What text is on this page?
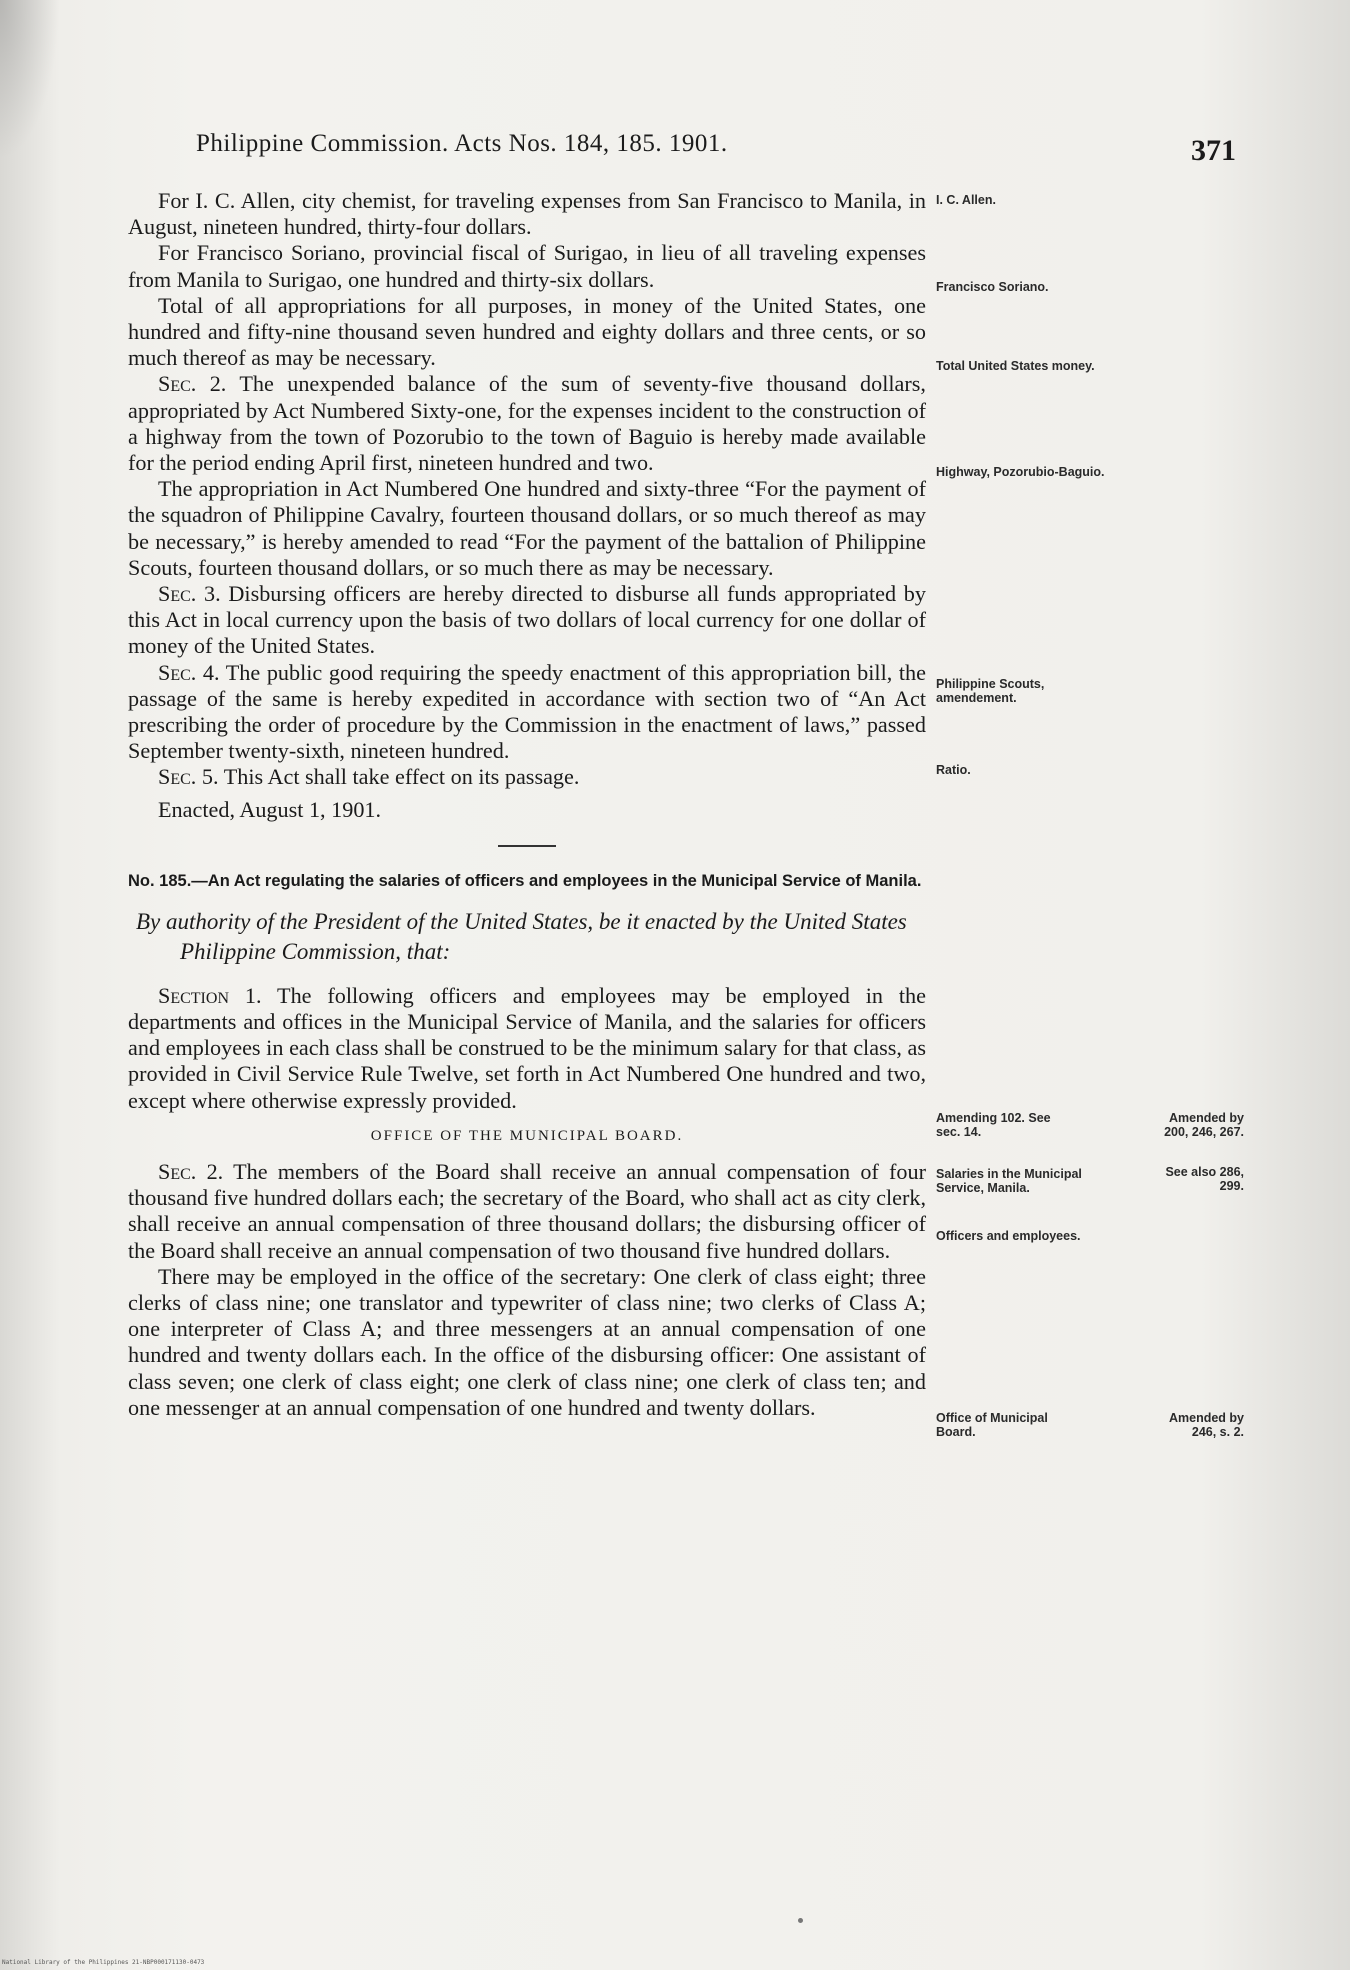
Philippine Commission. Acts Nos. 184, 185. 1901.	371

For I. C. Allen, city chemist, for traveling expenses from San Francisco to Manila, in August, nineteen hundred, thirty-four dollars.

For Francisco Soriano, provincial fiscal of Surigao, in lieu of all traveling expenses from Manila to Surigao, one hundred and thirty-six dollars.

Total of all appropriations for all purposes, in money of the United States, one hundred and fifty-nine thousand seven hundred and eighty dollars and three cents, or so much thereof as may be necessary.

Sec. 2. The unexpended balance of the sum of seventy-five thousand dollars, appropriated by Act Numbered Sixty-one, for the expenses incident to the construction of a highway from the town of Pozorubio to the town of Baguio is hereby made available for the period ending April first, nineteen hundred and two.

The appropriation in Act Numbered One hundred and sixty-three “For the payment of the squadron of Philippine Cavalry, fourteen thousand dollars, or so much thereof as may be necessary,” is hereby amended to read “For the payment of the battalion of Philippine Scouts, fourteen thousand dollars, or so much there as may be necessary.

Sec. 3. Disbursing officers are hereby directed to disburse all funds appropriated by this Act in local currency upon the basis of two dollars of local currency for one dollar of money of the United States.

Sec. 4. The public good requiring the speedy enactment of this appropriation bill, the passage of the same is hereby expedited in accordance with section two of “An Act prescribing the order of procedure by the Commission in the enactment of laws,” passed September twenty-sixth, nineteen hundred.

Sec. 5. This Act shall take effect on its passage.

Enacted, August 1, 1901.

No. 185.—An Act regulating the salaries of officers and employees in the Municipal Service of Manila.

By authority of the President of the United States, be it enacted by the United States Philippine Commission, that:

Section 1. The following officers and employees may be employed in the departments and offices in the Municipal Service of Manila, and the salaries for officers and employees in each class shall be construed to be the minimum salary for that class, as provided in Civil Service Rule Twelve, set forth in Act Numbered One hundred and two, except where otherwise expressly provided.

OFFICE OF THE MUNICIPAL BOARD.

Sec. 2. The members of the Board shall receive an annual compensation of four thousand five hundred dollars each; the secretary of the Board, who shall act as city clerk, shall receive an annual compensation of three thousand dollars; the disbursing officer of the Board shall receive an annual compensation of two thousand five hundred dollars.

There may be employed in the office of the secretary: One clerk of class eight; three clerks of class nine; one translator and typewriter of class nine; two clerks of Class A; one interpreter of Class A; and three messengers at an annual compensation of one hundred and twenty dollars each. In the office of the disbursing officer: One assistant of class seven; one clerk of class eight; one clerk of class nine; one clerk of class ten; and one messenger at an annual compensation of one hundred and twenty dollars.

I. C. Allen.
Francisco Soriano.
Total United States money.
Highway, Pozorubio-Baguio.
Philippine Scouts, amendement.
Ratio.
Amending 102. See sec. 14.
Amended by 200, 246, 267.
Salaries in the Municipal Service, Manila.
See also 286, 299.
Officers and employees.
Office of Municipal Board.
Amended by 246, s. 2.
National Library of the Philippines 21-NBP000171130-0473
